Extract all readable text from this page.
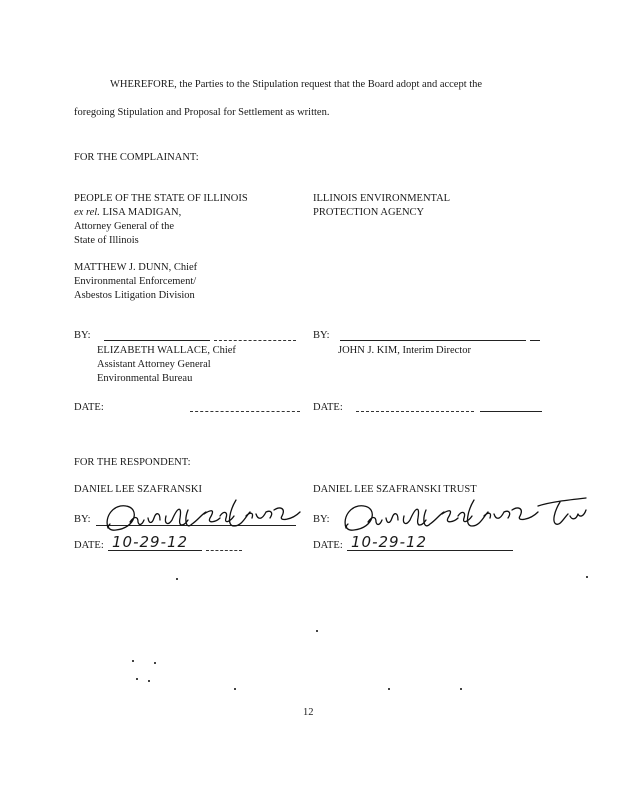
WHEREFORE, the Parties to the Stipulation request that the Board adopt and accept the
foregoing Stipulation and Proposal for Settlement as written.
FOR THE COMPLAINANT:
PEOPLE OF THE STATE OF ILLINOIS
ex rel. LISA MADIGAN,
Attorney General of the
State of Illinois
MATTHEW J. DUNN, Chief
Environmental Enforcement/
Asbestos Litigation Division
ILLINOIS ENVIRONMENTAL
PROTECTION AGENCY
BY:
ELIZABETH WALLACE, Chief
Assistant Attorney General
Environmental Bureau
DATE:
BY:
JOHN J. KIM, Interim Director
DATE:
FOR THE RESPONDENT:
DANIEL LEE SZAFRANSKI	DANIEL LEE SZAFRANSKI TRUST
BY:	BY:
DATE: 10-29-12	DATE: 10-29-12
12
